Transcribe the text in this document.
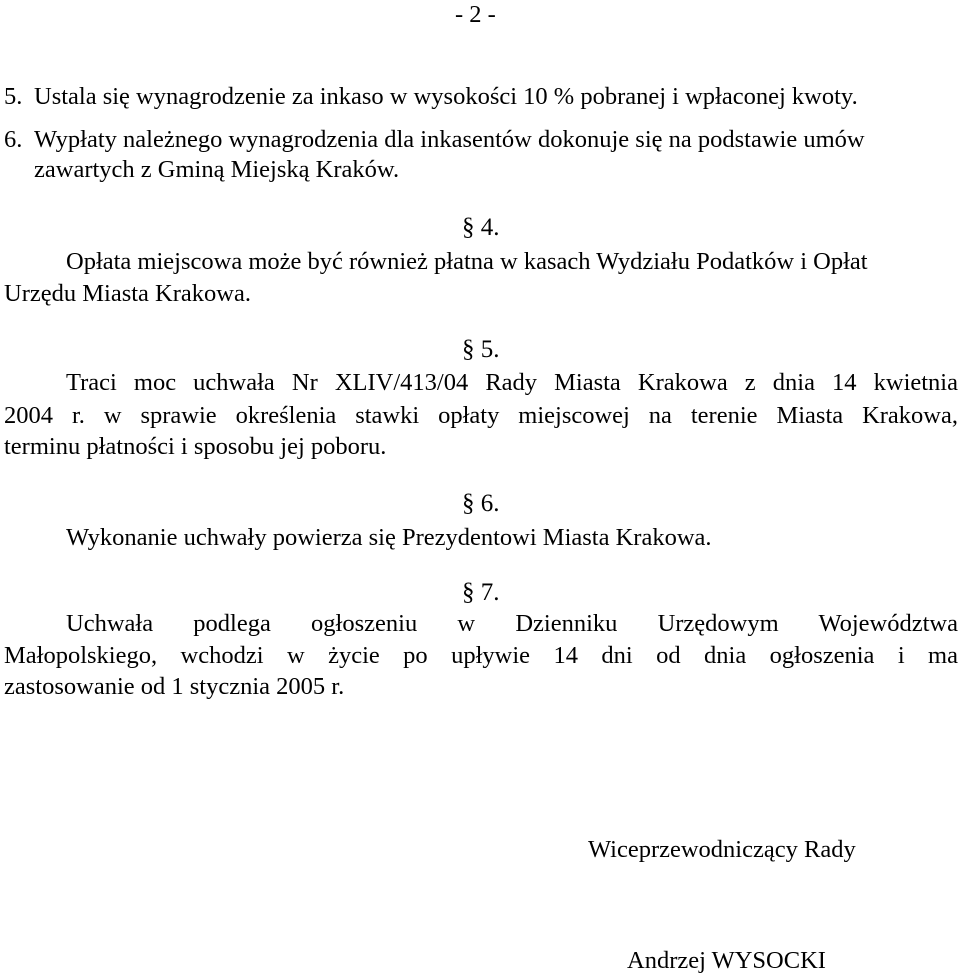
- 2 -
5. Ustala się wynagrodzenie za inkaso w wysokości 10 % pobranej i wpłaconej kwoty.
6. Wypłaty należnego wynagrodzenia dla inkasentów dokonuje się na podstawie umów
zawartych z Gminą Miejską Kraków.
§ 4.
Opłata miejscowa może być również płatna w kasach Wydziału Podatków i Opłat
Urzędu Miasta Krakowa.
§ 5.
Traci moc uchwała Nr XLIV/413/04 Rady Miasta Krakowa z dnia 14 kwietnia
2004 r. w sprawie określenia stawki opłaty miejscowej na terenie Miasta Krakowa,
terminu płatności i sposobu jej poboru.
§ 6.
Wykonanie uchwały powierza się Prezydentowi Miasta Krakowa.
§ 7.
Uchwała podlega ogłoszeniu w Dzienniku Urzędowym Województwa
Małopolskiego, wchodzi w życie po upływie 14 dni od dnia ogłoszenia i ma
zastosowanie od 1 stycznia 2005 r.
Wiceprzewodniczący Rady
Andrzej WYSOCKI
